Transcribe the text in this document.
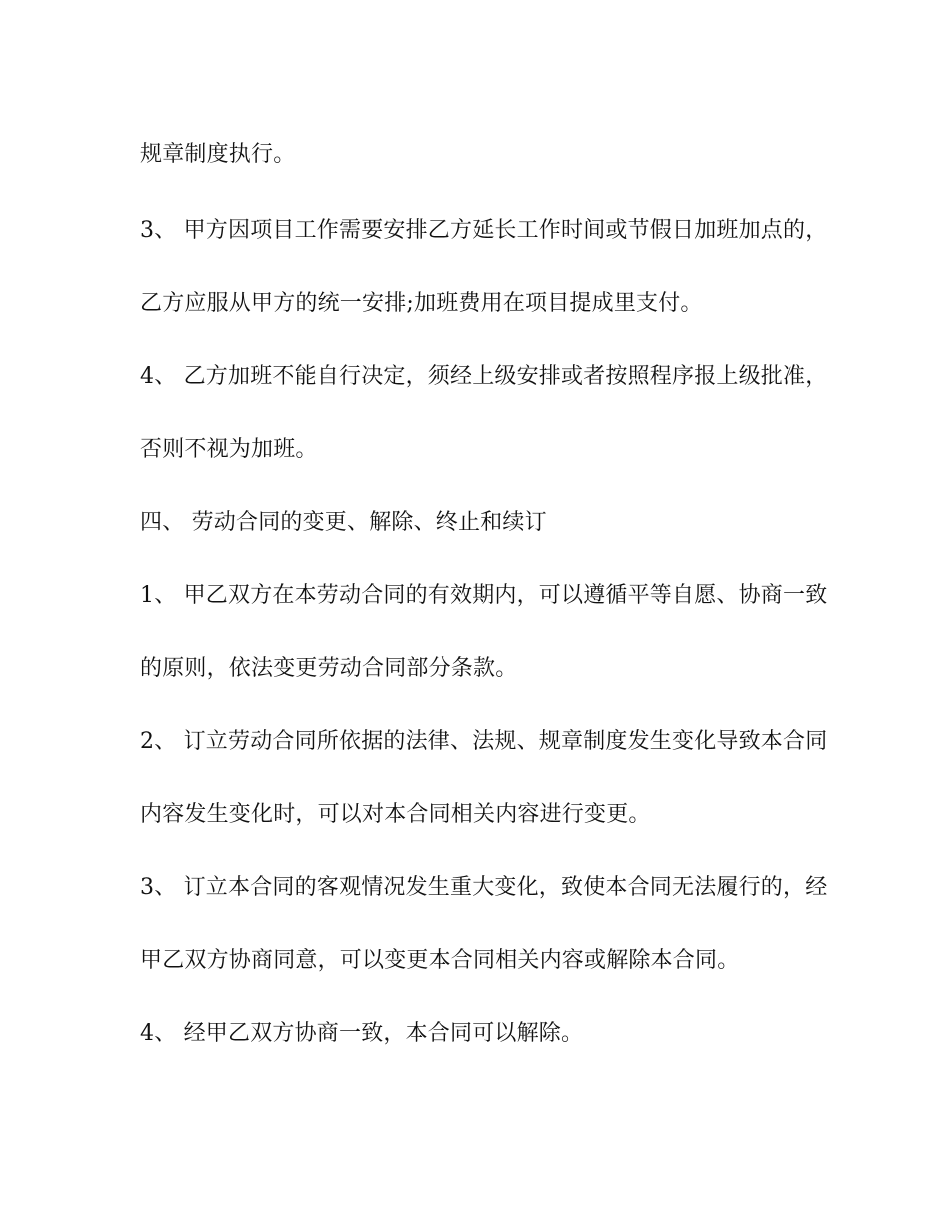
规章制度执行。
3、 甲方因项目工作需要安排乙方延长工作时间或节假日加班加点的，
乙方应服从甲方的统一安排;加班费用在项目提成里支付。
4、 乙方加班不能自行决定，须经上级安排或者按照程序报上级批准，
否则不视为加班。
四、 劳动合同的变更、解除、终止和续订
1、 甲乙双方在本劳动合同的有效期内，可以遵循平等自愿、协商一致
的原则，依法变更劳动合同部分条款。
2、 订立劳动合同所依据的法律、法规、规章制度发生变化导致本合同
内容发生变化时，可以对本合同相关内容进行变更。
3、 订立本合同的客观情况发生重大变化，致使本合同无法履行的，经
甲乙双方协商同意，可以变更本合同相关内容或解除本合同。
4、 经甲乙双方协商一致，本合同可以解除。
